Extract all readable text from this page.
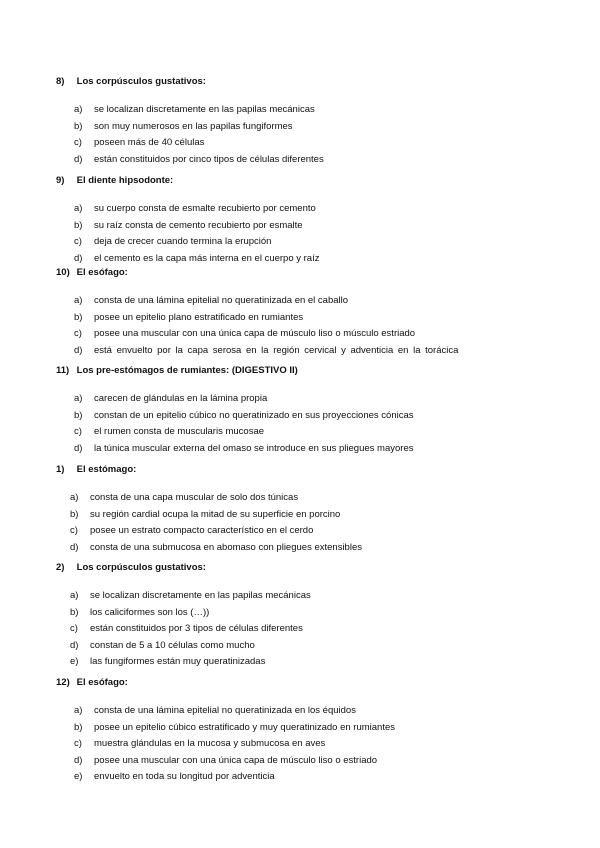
8)
	Los corpúsculos gustativos:
a)	se localizan discretamente en las papilas mecánicas
b)	son muy numerosos en las papilas fungiformes
c)	poseen más de 40 células
d)	están constituidos por cinco tipos de células diferentes
9)
	El diente hipsodonte:
a)	su cuerpo consta de esmalte recubierto por cemento
b)	su raíz consta de cemento recubierto por esmalte
c)	deja de crecer cuando termina la erupción
d)	el cemento es la capa más interna en el cuerpo y raíz
10)
El esófago:
a)	consta de una lámina epitelial no queratinizada en el caballo
b)	posee un epitelio plano estratificado en rumiantes
c)	posee una muscular con una única capa de músculo liso o músculo estriado
d)	está envuelto por la capa serosa en la región cervical y adventicia en la torácica
11)
Los pre-estómagos de rumiantes: (DIGESTIVO II)
a)	carecen de glándulas en la lámina propia
b)	constan de un epitelio cúbico no queratinizado en sus proyecciones cónicas
c)	el rumen consta de muscularis mucosae
d)	la túnica muscular externa del omaso se introduce en sus pliegues mayores
1)
	El estómago:
a)	consta de una capa muscular de solo dos túnicas
b)	su región cardial ocupa la mitad de su superficie en porcino
c)	posee un estrato compacto característico en el cerdo
d)	consta de una submucosa en abomaso con pliegues extensibles
2)
	Los corpúsculos gustativos:
a)	se localizan discretamente en las papilas mecánicas
b)	los caliciformes son los (…))
c)	están constituidos por 3 tipos de células diferentes
d)	constan de 5 a 10 células como mucho
e)	las fungiformes están muy queratinizadas
12)
El esófago:
a)	consta de una lámina epitelial no queratinizada en los équidos
b)	posee un epitelio cúbico estratificado y muy queratinizado en rumiantes
c)	muestra glándulas en la mucosa y submucosa en aves
d)	posee una muscular con una única capa de músculo liso o estriado
e)	envuelto en toda su longitud por adventicia
